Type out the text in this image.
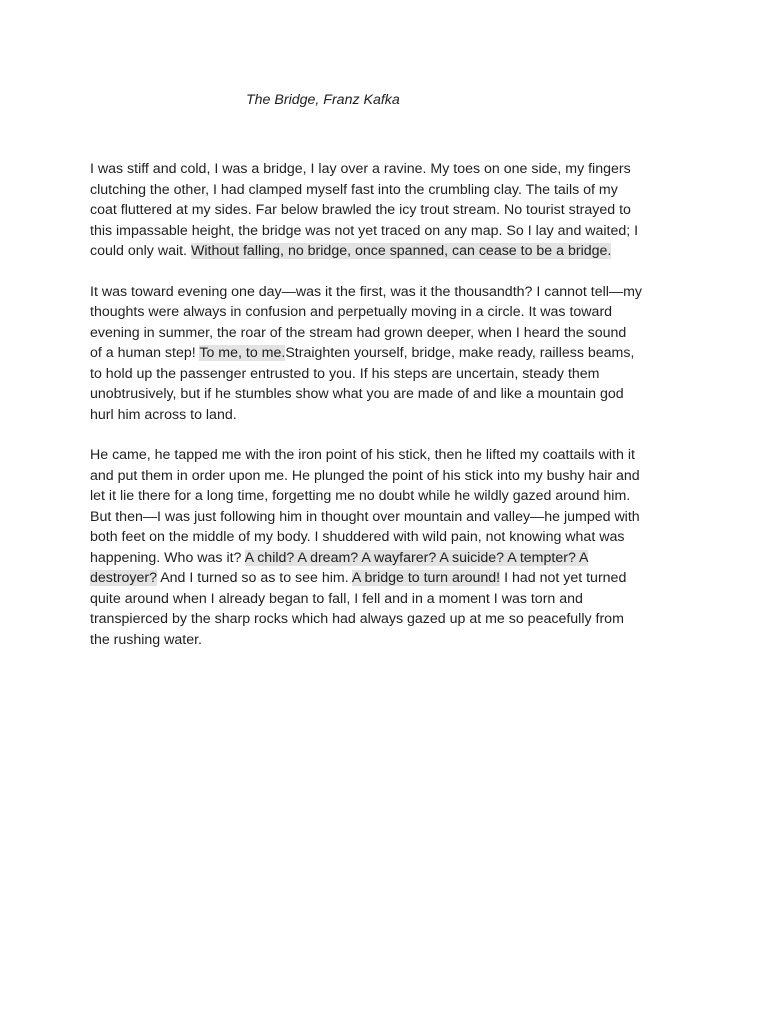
The Bridge, Franz Kafka

I was stiff and cold, I was a bridge, I lay over a ravine. My toes on one side, my fingers
clutching the other, I had clamped myself fast into the crumbling clay. The tails of my
coat fluttered at my sides. Far below brawled the icy trout stream. No tourist strayed to
this impassable height, the bridge was not yet traced on any map. So I lay and waited; I
could only wait. Without falling, no bridge, once spanned, can cease to be a bridge.

It was toward evening one day—was it the first, was it the thousandth? I cannot tell—my
thoughts were always in confusion and perpetually moving in a circle. It was toward
evening in summer, the roar of the stream had grown deeper, when I heard the sound
of a human step! To me, to me.Straighten yourself, bridge, make ready, railless beams,
to hold up the passenger entrusted to you. If his steps are uncertain, steady them
unobtrusively, but if he stumbles show what you are made of and like a mountain god
hurl him across to land.

He came, he tapped me with the iron point of his stick, then he lifted my coattails with it
and put them in order upon me. He plunged the point of his stick into my bushy hair and
let it lie there for a long time, forgetting me no doubt while he wildly gazed around him.
But then—I was just following him in thought over mountain and valley—he jumped with
both feet on the middle of my body. I shuddered with wild pain, not knowing what was
happening. Who was it? A child? A dream? A wayfarer? A suicide? A tempter? A
destroyer? And I turned so as to see him. A bridge to turn around! I had not yet turned
quite around when I already began to fall, I fell and in a moment I was torn and
transpierced by the sharp rocks which had always gazed up at me so peacefully from
the rushing water.
